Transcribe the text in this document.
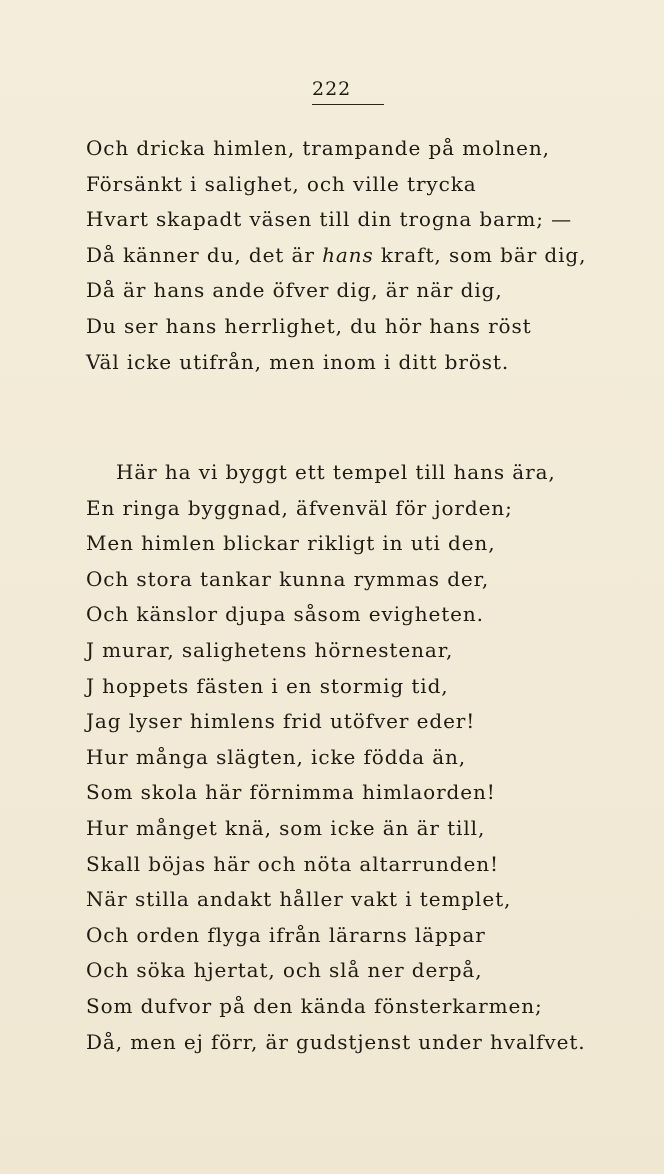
222
Och dricka himlen, trampande på molnen,
Försänkt i salighet, och ville trycka
Hvart skapadt väsen till din trogna barm; —
Då känner du, det är hans kraft, som bär dig,
Då är hans ande öfver dig, är när dig,
Du ser hans herrlighet, du hör hans röst
Väl icke utifrån, men inom i ditt bröst.
Här ha vi byggt ett tempel till hans ära,
En ringa byggnad, äfvenväl för jorden;
Men himlen blickar rikligt in uti den,
Och stora tankar kunna rymmas der,
Och känslor djupa såsom evigheten.
J murar, salighetens hörnestenar,
J hoppets fästen i en stormig tid,
Jag lyser himlens frid utöfver eder!
Hur många slägten, icke födda än,
Som skola här förnimma himlaorden!
Hur månget knä, som icke än är till,
Skall böjas här och nöta altarrunden!
När stilla andakt håller vakt i templet,
Och orden flyga ifrån lärarns läppar
Och söka hjertat, och slå ner derpå,
Som dufvor på den kända fönsterkarmen;
Då, men ej förr, är gudstjenst under hvalfvet.
